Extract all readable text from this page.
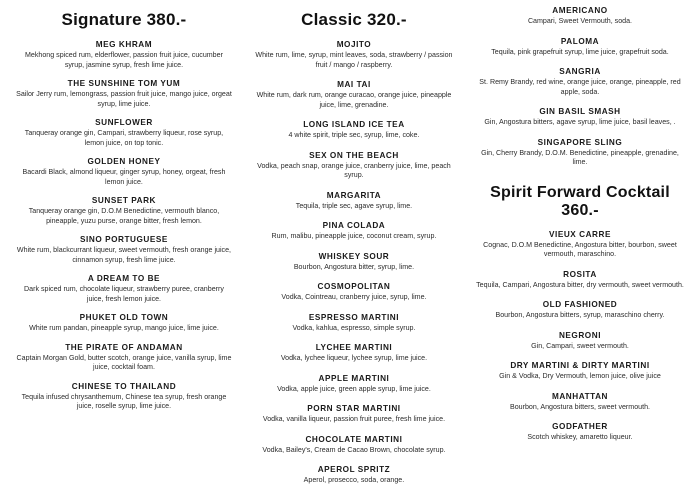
Signature 380.-
MEG KHRAM
Mekhong spiced rum, elderflower, passion fruit juice, cucumber syrup, jasmine syrup, fresh lime juice.
THE SUNSHINE TOM YUM
Sailor Jerry rum, lemongrass, passion fruit juice, mango juice, orgeat syrup, lime juice.
SUNFLOWER
Tanqueray orange gin, Campari, strawberry liqueur, rose syrup, lemon juice, on top tonic.
GOLDEN HONEY
Bacardi Black, almond liqueur, ginger syrup, honey, orgeat, fresh lemon juice.
SUNSET PARK
Tanqueray orange gin, D.O.M Benedictine, vermouth blanco, pineapple, yuzu purse, orange bitter, fresh lemon.
SINO PORTUGUESE
White rum, blackcurrant liqueur, sweet vermouth, fresh orange juice, cinnamon syrup, fresh lime juice.
A DREAM TO BE
Dark spiced rum, chocolate liqueur, strawberry puree, cranberry juice, fresh lemon juice.
PHUKET OLD TOWN
White rum pandan, pineapple syrup, mango juice, lime juice.
THE PIRATE OF ANDAMAN
Captain Morgan Gold, butter scotch, orange juice, vanilla syrup, lime juice, cocktail foam.
CHINESE TO THAILAND
Tequila infused chrysanthemum, Chinese tea syrup, fresh orange juice, roselle syrup, lime juice.
Classic 320.-
MOJITO
White rum, lime, syrup, mint leaves, soda, strawberry / passion fruit / mango / raspberry.
MAI TAI
White rum, dark rum, orange curacao, orange juice, pineapple juice, lime, grenadine.
LONG ISLAND ICE TEA
4 white spirit, triple sec, syrup, lime, coke.
SEX ON THE BEACH
Vodka, peach snap, orange juice, cranberry juice, lime, peach syrup.
MARGARITA
Tequila, triple sec, agave syrup, lime.
PINA COLADA
Rum, malibu, pineapple juice, coconut cream, syrup.
WHISKEY SOUR
Bourbon, Angostura bitter, syrup, lime.
COSMOPOLITAN
Vodka, Cointreau, cranberry juice, syrup, lime.
ESPRESSO MARTINI
Vodka, kahlua, espresso, simple syrup.
LYCHEE MARTINI
Vodka, lychee liqueur, lychee syrup, lime juice.
APPLE MARTINI
Vodka, apple juice, green apple syrup, lime juice.
PORN STAR MARTINI
Vodka, vanilla liqueur, passion fruit puree, fresh lime juice.
CHOCOLATE MARTINI
Vodka, Bailey's, Cream de Cacao Brown, chocolate syrup.
APEROL SPRITZ
Aperol, prosecco, soda, orange.
AMERICANO
Campari, Sweet Vermouth, soda.
PALOMA
Tequila, pink grapefruit syrup, lime juice, grapefruit soda.
SANGRIA
St. Remy Brandy, red wine, orange juice, orange, pineapple, red apple, soda.
GIN BASIL SMASH
Gin, Angostura bitters, agave syrup, lime juice, basil leaves, .
SINGAPORE SLING
Gin, Cherry Brandy, D.O.M. Benedictine, pineapple, grenadine, lime.
Spirit Forward Cocktail 360.-
VIEUX CARRE
Cognac, D.O.M Benedictine, Angostura bitter, bourbon, sweet vermouth, maraschino.
ROSITA
Tequila, Campari, Angostura bitter, dry vermouth, sweet vermouth.
OLD FASHIONED
Bourbon, Angostura bitters, syrup, maraschino cherry.
NEGRONI
Gin, Campari, sweet vermouth.
DRY MARTINI & DIRTY MARTINI
Gin & Vodka, Dry Vermouth, lemon juice, olive juice
MANHATTAN
Bourbon, Angostura bitters, sweet vermouth.
GODFATHER
Scotch whiskey, amaretto liqueur.
